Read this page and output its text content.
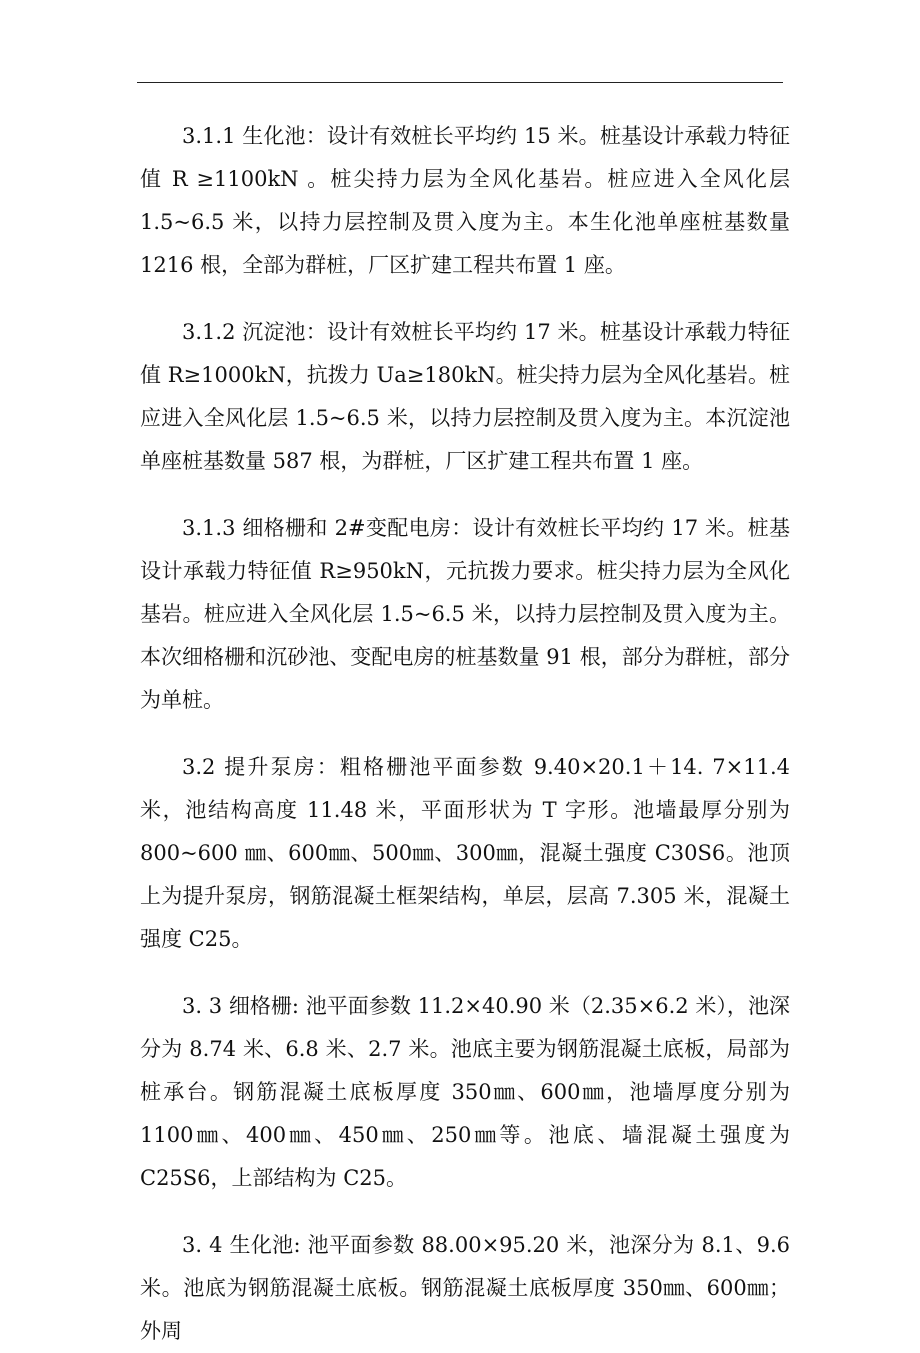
3.1.1 生化池：设计有效桩长平均约 15 米。桩基设计承载力特征值 R ≥1100kN 。桩尖持力层为全风化基岩。桩应进入全风化层 1.5~6.5 米，以持力层控制及贯入度为主。本生化池单座桩基数量 1216 根，全部为群桩，厂区扩建工程共布置 1 座。

3.1.2 沉淀池：设计有效桩长平均约 17 米。桩基设计承载力特征值 R≥1000kN，抗拨力 Ua≥180kN。桩尖持力层为全风化基岩。桩应进入全风化层 1.5~6.5 米，以持力层控制及贯入度为主。本沉淀池单座桩基数量 587 根，为群桩，厂区扩建工程共布置 1 座。

3.1.3 细格栅和 2#变配电房：设计有效桩长平均约 17 米。桩基设计承载力特征值 R≥950kN，元抗拨力要求。桩尖持力层为全风化基岩。桩应进入全风化层 1.5~6.5 米，以持力层控制及贯入度为主。本次细格栅和沉砂池、变配电房的桩基数量 91 根，部分为群桩，部分为单桩。

3.2 提升泵房：粗格栅池平面参数 9.40×20.1＋14. 7×11.4 米，池结构高度 11.48 米，平面形状为 T 字形。池墙最厚分别为 800~600 ㎜、600㎜、500㎜、300㎜，混凝土强度 C30S6。池顶上为提升泵房，钢筋混凝土框架结构，单层，层高 7.305 米，混凝土强度 C25。

3. 3 细格栅: 池平面参数 11.2×40.90 米（2.35×6.2 米），池深分为 8.74 米、6.8 米、2.7 米。池底主要为钢筋混凝土底板，局部为桩承台。钢筋混凝土底板厚度 350㎜、600㎜，池墙厚度分别为 1100㎜、400㎜、450㎜、250㎜等。池底、墙混凝土强度为 C25S6，上部结构为 C25。

3. 4 生化池: 池平面参数 88.00×95.20 米，池深分为 8.1、9.6 米。池底为钢筋混凝土底板。钢筋混凝土底板厚度 350㎜、600㎜；外周
